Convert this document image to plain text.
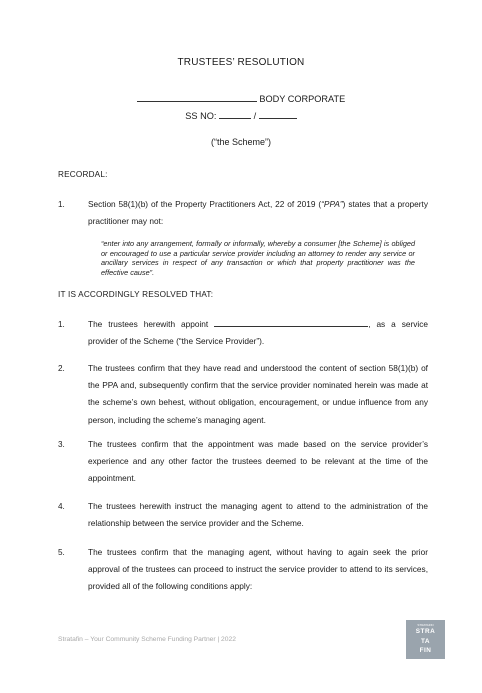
TRUSTEES’ RESOLUTION
BODY CORPORATE
SS NO:	/
(“the Scheme”)
RECORDAL:
1.	Section 58(1)(b) of the Property Practitioners Act, 22 of 2019 (“PPA”) states that a property practitioner may not:
“enter into any arrangement, formally or informally, whereby a consumer [the Scheme] is obliged or encouraged to use a particular service provider including an attorney to render any service or ancillary services in respect of any transaction or which that property practitioner was the effective cause”.
IT IS ACCORDINGLY RESOLVED THAT:
1.	The trustees herewith appoint	, as a service provider of the Scheme (“the Service Provider”).
2.	The trustees confirm that they have read and understood the content of section 58(1)(b) of the PPA and, subsequently confirm that the service provider nominated herein was made at the scheme’s own behest, without obligation, encouragement, or undue influence from any person, including the scheme’s managing agent.
3.	The trustees confirm that the appointment was made based on the service provider’s experience and any other factor the trustees deemed to be relevant at the time of the appointment.
4.	The trustees herewith instruct the managing agent to attend to the administration of the relationship between the service provider and the Scheme.
5.	The trustees confirm that the managing agent, without having to again seek the prior approval of the trustees can proceed to instruct the service provider to attend to its services, provided all of the following conditions apply:
Stratafin – Your Community Scheme Funding Partner | 2022
STRATAFIN
STRA
TA
FIN
